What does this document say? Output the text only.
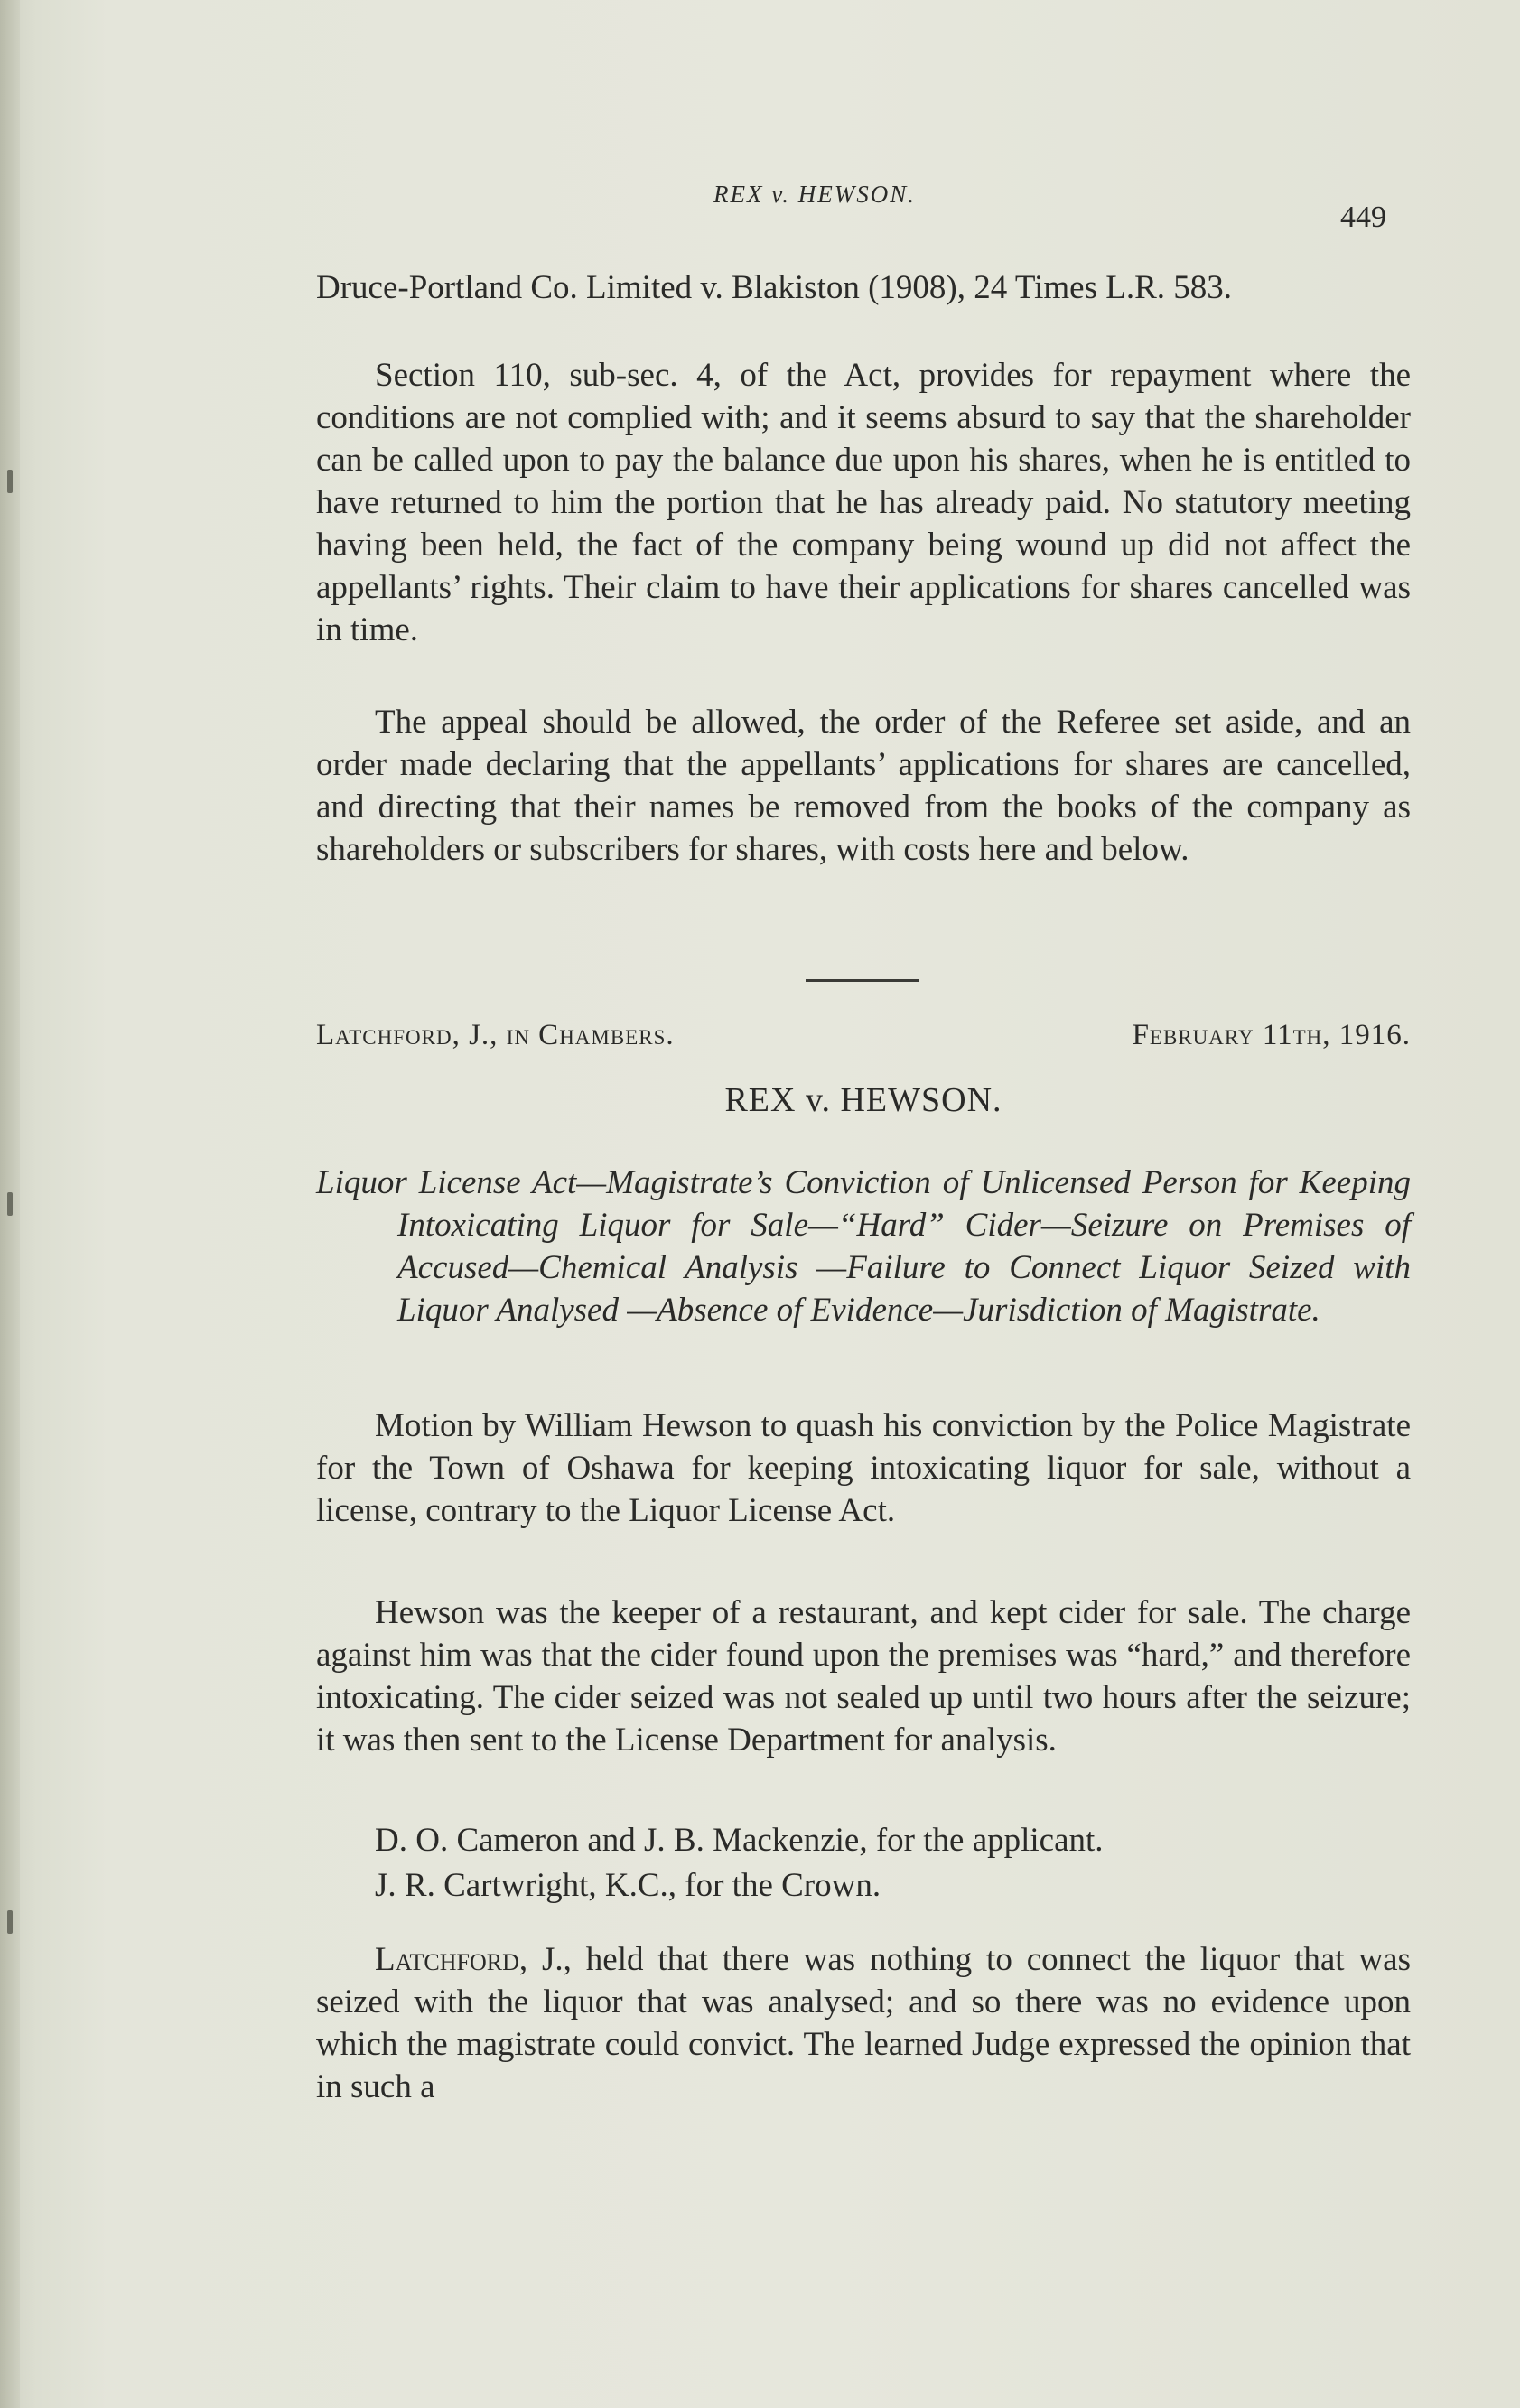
REX v. HEWSON.
449

Druce-Portland Co. Limited v. Blakiston (1908), 24 Times L.R. 583.

Section 110, sub-sec. 4, of the Act, provides for repayment where the conditions are not complied with; and it seems absurd to say that the shareholder can be called upon to pay the balance due upon his shares, when he is entitled to have returned to him the portion that he has already paid. No statutory meeting having been held, the fact of the company being wound up did not affect the appellants’ rights. Their claim to have their applications for shares cancelled was in time.

The appeal should be allowed, the order of the Referee set aside, and an order made declaring that the appellants’ applications for shares are cancelled, and directing that their names be removed from the books of the company as shareholders or subscribers for shares, with costs here and below.

Latchford, J., in Chambers.	February 11th, 1916.
REX v. HEWSON.

Liquor License Act—Magistrate’s Conviction of Unlicensed Person for Keeping Intoxicating Liquor for Sale—“Hard” Cider—Seizure on Premises of Accused—Chemical Analysis —Failure to Connect Liquor Seized with Liquor Analysed —Absence of Evidence—Jurisdiction of Magistrate.

Motion by William Hewson to quash his conviction by the Police Magistrate for the Town of Oshawa for keeping intoxicating liquor for sale, without a license, contrary to the Liquor License Act.

Hewson was the keeper of a restaurant, and kept cider for sale. The charge against him was that the cider found upon the premises was “hard,” and therefore intoxicating. The cider seized was not sealed up until two hours after the seizure; it was then sent to the License Department for analysis.

D. O. Cameron and J. B. Mackenzie, for the applicant.

J. R. Cartwright, K.C., for the Crown.

Latchford, J., held that there was nothing to connect the liquor that was seized with the liquor that was analysed; and so there was no evidence upon which the magistrate could convict. The learned Judge expressed the opinion that in such a
